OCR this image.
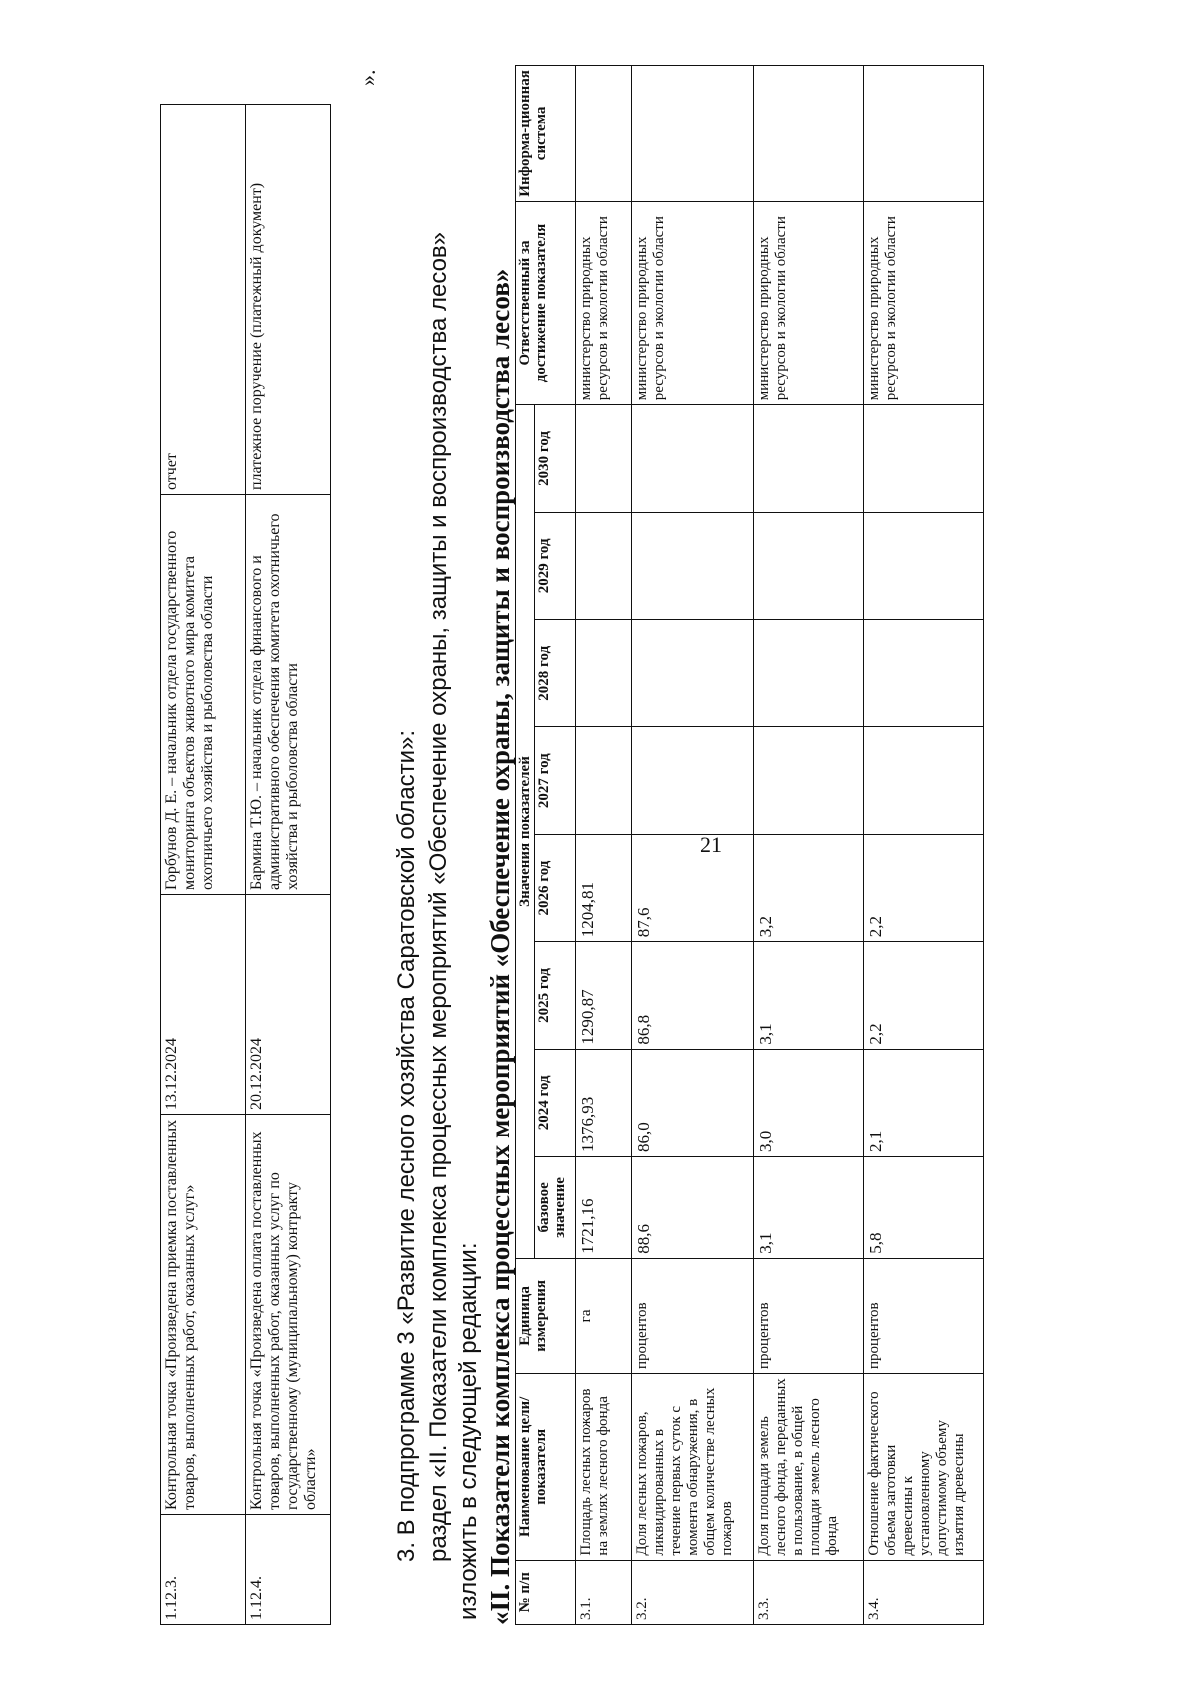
21
1.12.3.	Контрольная точка «Произведена приемка поставленных товаров, выполненных работ, оказанных услуг»	13.12.2024	Горбунов Д. Е. – начальник отдела государственного мониторинга объектов животного мира комитета охотничьего хозяйства и рыболовства области	отчет
1.12.4.	Контрольная точка «Произведена оплата поставленных товаров, выполненных работ, оказанных услуг по государственному (муниципальному) контракту области»	20.12.2024	Бармина Т.Ю. – начальник отдела финансового и административного обеспечения комитета охотничьего хозяйства и рыболовства области	платежное поручение (платежный документ)
».
3. В подпрограмме 3 «Развитие лесного хозяйства Саратовской области»: раздел «II. Показатели комплекса процессных мероприятий «Обеспечение охраны, защиты и воспроизводства лесов» изложить в следующей редакции: «II. Показатели комплекса процессных мероприятий «Обеспечение охраны, защиты и воспроизводства лесов» № п/п	Наименование цели/показателя	Единица измерения	Значения показателей								Ответственный за достижение показателя	Информа-ционная система
			базовое значение	2024 год	2025 год	2026 год	2027 год	2028 год	2029 год	2030 год		
3.1.	Площадь лесных пожаров на землях лесного фонда	га	1721,16	1376,93	1290,87	1204,81					министерство природных ресурсов и экологии области	
3.2.	Доля лесных пожаров, ликвидированных в течение первых суток с момента обнаружения, в общем количестве лесных пожаров	процентов	88,6	86,0	86,8	87,6					министерство природных ресурсов и экологии области	
3.3.	Доля площади земель лесного фонда, переданных в пользование, в общей площади земель лесного фонда	процентов	3,1	3,0	3,1	3,2					министерство природных ресурсов и экологии области	
3.4.	Отношение фактического объема заготовки древесины к установленному допустимому объему изъятия древесины	процентов	5,8	2,1	2,2	2,2					министерство природных ресурсов и экологии области	
